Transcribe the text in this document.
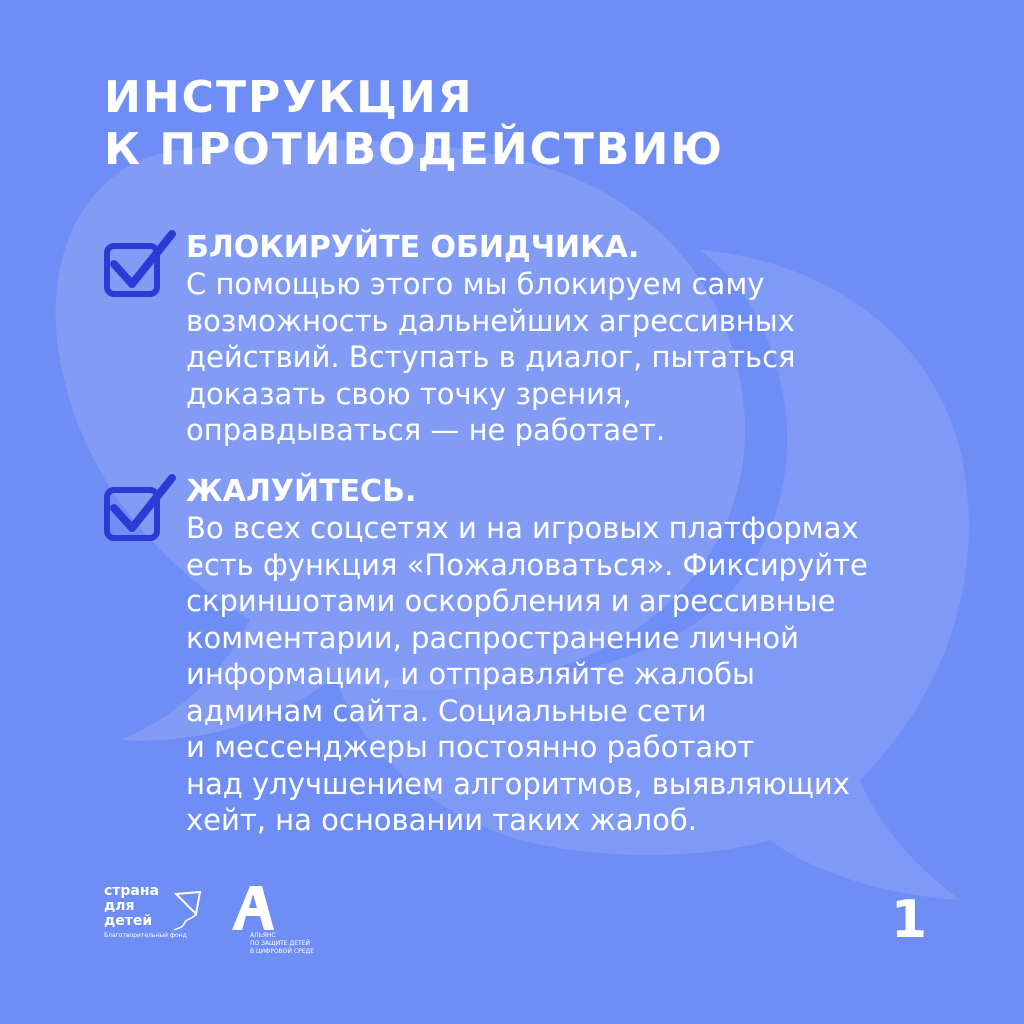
ИНСТРУКЦИЯ
К ПРОТИВОДЕЙСТВИЮ
БЛОКИРУЙТЕ ОБИДЧИКА.
С помощью этого мы блокируем саму
возможность дальнейших агрессивных
действий. Вступать в диалог, пытаться
доказать свою точку зрения,
оправдываться — не работает.
ЖАЛУЙТЕСЬ.
Во всех соцсетях и на игровых платформах
есть функция «Пожаловаться». Фиксируйте
скриншотами оскорбления и агрессивные
комментарии, распространение личной
информации, и отправляйте жалобы
админам сайта. Социальные сети
и мессенджеры постоянно работают
над улучшением алгоритмов, выявляющих
хейт, на основании таких жалоб.
страна
для
детей
Благотворительный фонд	АЛЬЯНС
ПО ЗАЩИТЕ ДЕТЕЙ
В ЦИФРОВОЙ СРЕДЕ
1
